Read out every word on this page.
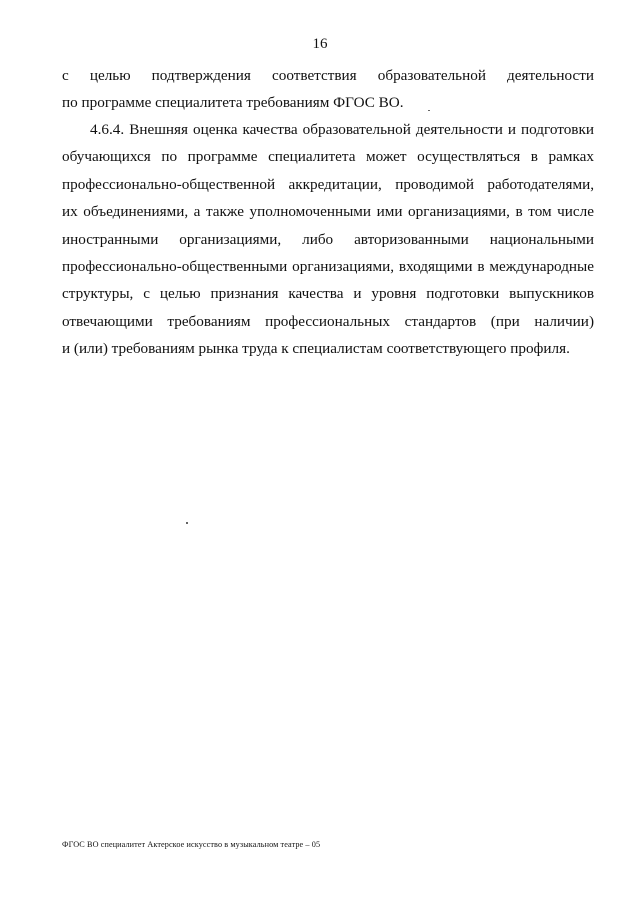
16
с целью подтверждения соответствия образовательной деятельности
по программе специалитета требованиям ФГОС ВО.
4.6.4. Внешняя оценка качества образовательной деятельности и подготовки
обучающихся по программе специалитета может осуществляться в рамках
профессионально-общественной аккредитации, проводимой работодателями,
их объединениями, а также уполномоченными ими организациями, в том числе
иностранными организациями, либо авторизованными национальными
профессионально-общественными организациями, входящими в международные
структуры, с целью признания качества и уровня подготовки выпускников
отвечающими требованиям профессиональных стандартов (при наличии)
и (или) требованиям рынка труда к специалистам соответствующего профиля.
ФГОС ВО специалитет Актерское искусство в музыкальном театре – 05
